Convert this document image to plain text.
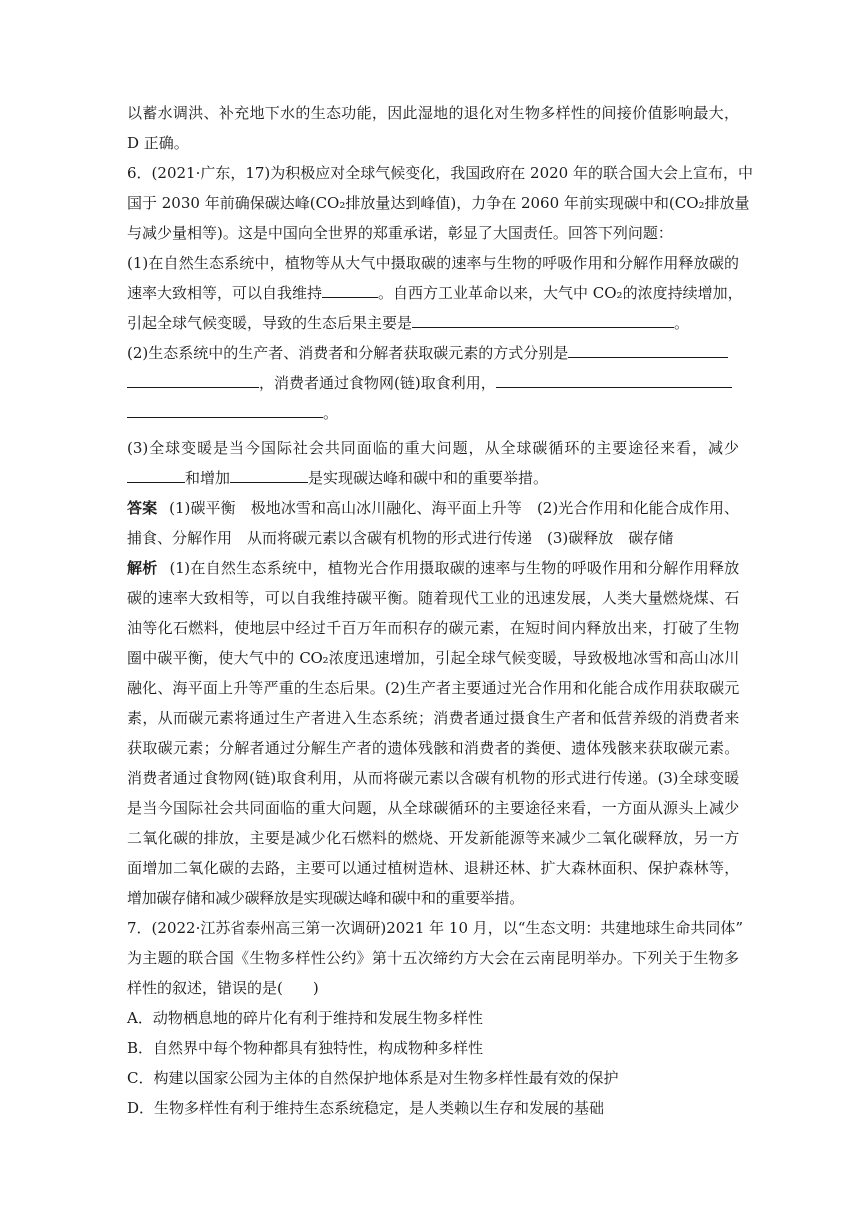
以蓄水调洪、补充地下水的生态功能，因此湿地的退化对生物多样性的间接价值影响最大，
D 正确。
6．(2021·广东，17)为积极应对全球气候变化，我国政府在 2020 年的联合国大会上宣布，中
国于 2030 年前确保碳达峰(CO₂排放量达到峰值)，力争在 2060 年前实现碳中和(CO₂排放量
与减少量相等)。这是中国向全世界的郑重承诺，彰显了大国责任。回答下列问题：
(1)在自然生态系统中，植物等从大气中摄取碳的速率与生物的呼吸作用和分解作用释放碳的
速率大致相等，可以自我维持	。自西方工业革命以来，大气中 CO₂的浓度持续增加，
引起全球气候变暖，导致的生态后果主要是	。
(2)生态系统中的生产者、消费者和分解者获取碳元素的方式分别是
，消费者通过食物网(链)取食利用，
。
(3)全球变暖是当今国际社会共同面临的重大问题，从全球碳循环的主要途径来看，减少
和增加	是实现碳达峰和碳中和的重要举措。
答案 (1)碳平衡　极地冰雪和高山冰川融化、海平面上升等　(2)光合作用和化能合成作用、
捕食、分解作用　从而将碳元素以含碳有机物的形式进行传递　(3)碳释放　碳存储
解析 (1)在自然生态系统中，植物光合作用摄取碳的速率与生物的呼吸作用和分解作用释放
碳的速率大致相等，可以自我维持碳平衡。随着现代工业的迅速发展，人类大量燃烧煤、石
油等化石燃料，使地层中经过千百万年而积存的碳元素，在短时间内释放出来，打破了生物
圈中碳平衡，使大气中的 CO₂浓度迅速增加，引起全球气候变暖，导致极地冰雪和高山冰川
融化、海平面上升等严重的生态后果。(2)生产者主要通过光合作用和化能合成作用获取碳元
素，从而碳元素将通过生产者进入生态系统；消费者通过摄食生产者和低营养级的消费者来
获取碳元素；分解者通过分解生产者的遗体残骸和消费者的粪便、遗体残骸来获取碳元素。
消费者通过食物网(链)取食利用，从而将碳元素以含碳有机物的形式进行传递。(3)全球变暖
是当今国际社会共同面临的重大问题，从全球碳循环的主要途径来看，一方面从源头上减少
二氧化碳的排放，主要是减少化石燃料的燃烧、开发新能源等来减少二氧化碳释放，另一方
面增加二氧化碳的去路，主要可以通过植树造林、退耕还林、扩大森林面积、保护森林等，
增加碳存储和减少碳释放是实现碳达峰和碳中和的重要举措。
7．(2022·江苏省泰州高三第一次调研)2021 年 10 月，以“生态文明：共建地球生命共同体”
为主题的联合国《生物多样性公约》第十五次缔约方大会在云南昆明举办。下列关于生物多
样性的叙述，错误的是(　　)
A．动物栖息地的碎片化有利于维持和发展生物多样性
B．自然界中每个物种都具有独特性，构成物种多样性
C．构建以国家公园为主体的自然保护地体系是对生物多样性最有效的保护
D．生物多样性有利于维持生态系统稳定，是人类赖以生存和发展的基础
